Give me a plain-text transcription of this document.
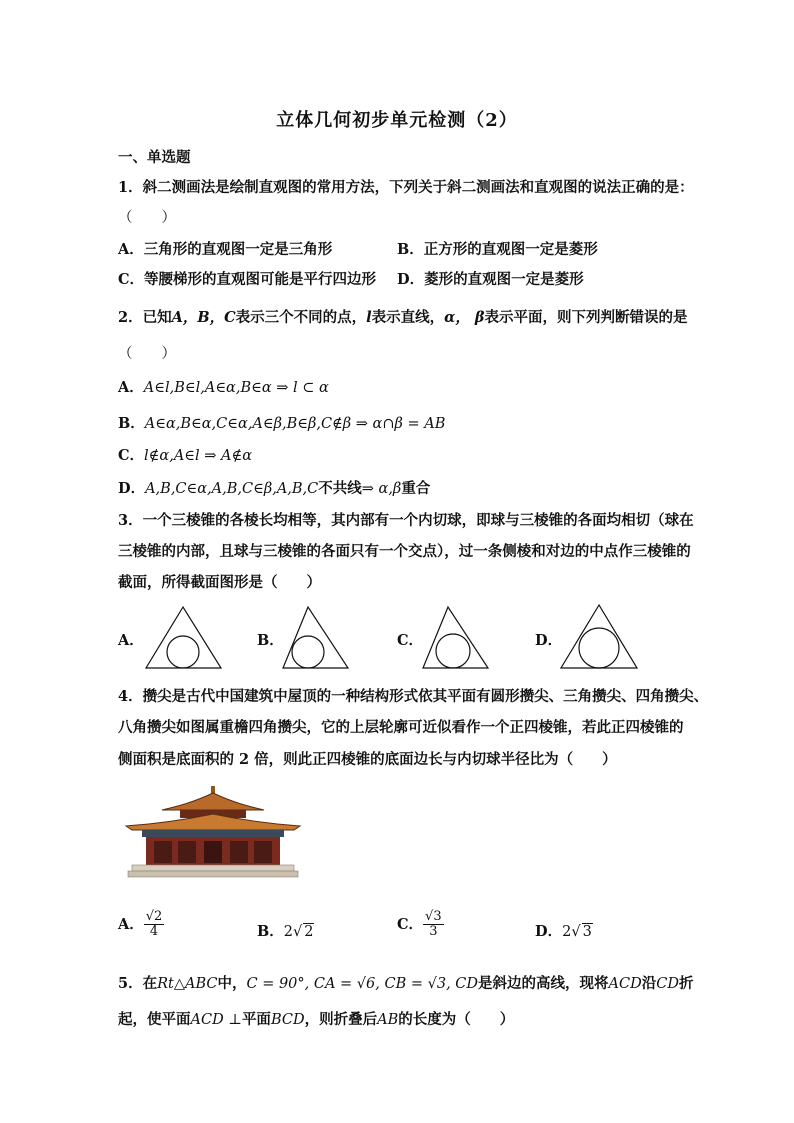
立体几何初步单元检测（2）
一、单选题
1．斜二测画法是绘制直观图的常用方法，下列关于斜二测画法和直观图的说法正确的是：
（　　）
A．三角形的直观图一定是三角形	B．正方形的直观图一定是菱形
C．等腰梯形的直观图可能是平行四边形 D．菱形的直观图一定是菱形
2．已知A，B，C表示三个不同的点，l表示直线，α， β表示平面，则下列判断错误的是
（　　）
A．A∈l,B∈l,A∈α,B∈α ⇒ l ⊂ α
B．A∈α,B∈α,C∈α,A∈β,B∈β,C∉β ⇒ α∩β = AB
C．l∉α,A∈l ⇒ A∉α
D．A,B,C∈α,A,B,C∈β,A,B,C不共线⇒ α,β重合
3．一个三棱锥的各棱长均相等，其内部有一个内切球，即球与三棱锥的各面均相切（球在
三棱锥的内部，且球与三棱锥的各面只有一个交点），过一条侧棱和对边的中点作三棱锥的
截面，所得截面图形是（　　）
A．	B．	C．	D．
4．攒尖是古代中国建筑中屋顶的一种结构形式依其平面有圆形攒尖、三角攒尖、四角攒尖、
八角攒尖如图属重檐四角攒尖，它的上层轮廓可近似看作一个正四棱锥，若此正四棱锥的
侧面积是底面积的 2 倍，则此正四棱锥的底面边长与内切球半径比为（　　）
A． $\frac{√2}{4}$	B．2√ 2	C． $\frac{√3}{3}$	D．2√ 3
5．在Rt△ABC中，C = 90°, CA = √6, CB = √3, CD是斜边的高线，现将ACD沿CD折
起，使平面ACD ⊥平面BCD，则折叠后AB的长度为（　　）
